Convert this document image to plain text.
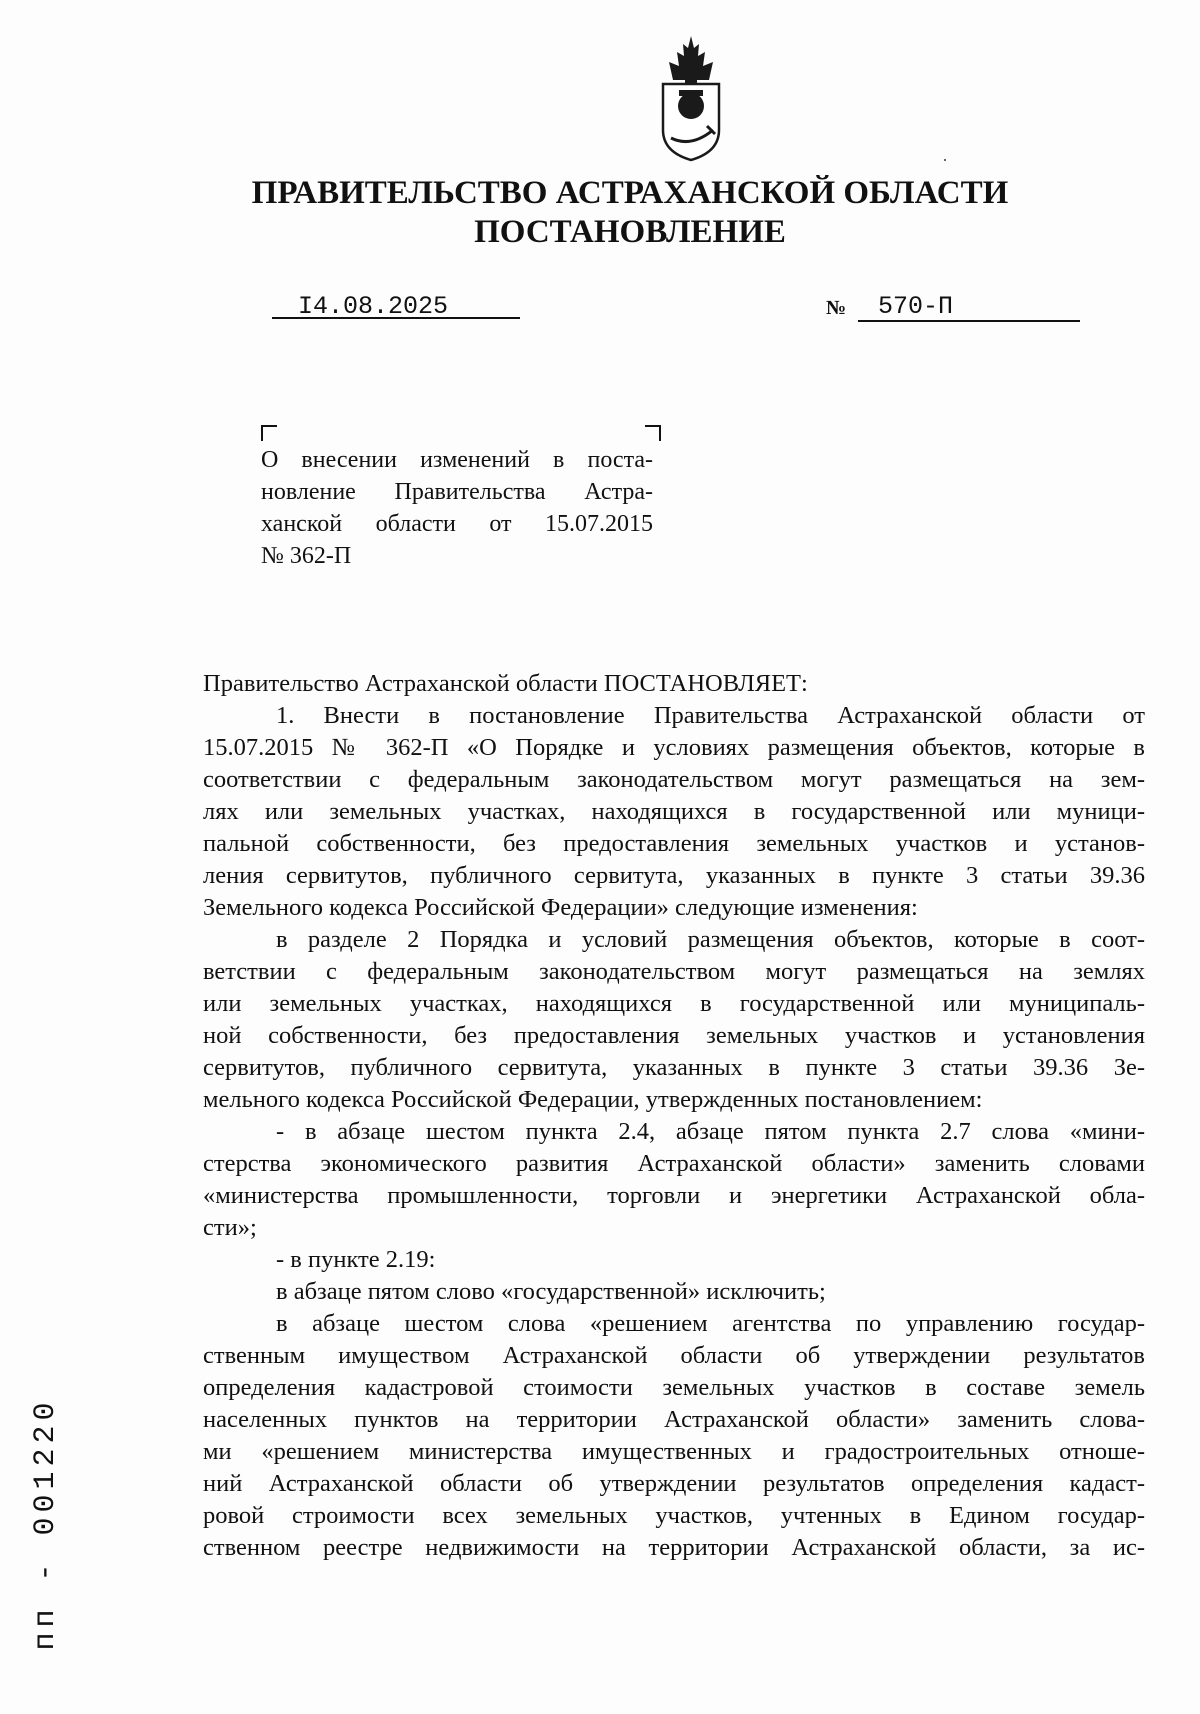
ПРАВИТЕЛЬСТВО АСТРАХАНСКОЙ ОБЛАСТИ
ПОСТАНОВЛЕНИЕ
I4.08.2025	№ 570-П
О внесении изменений в поста-
новление Правительства Астра-
ханской области от 15.07.2015
№ 362-П
Правительство Астраханской области ПОСТАНОВЛЯЕТ:
1. Внести в постановление Правительства Астраханской области от
15.07.2015 № 362-П «О Порядке и условиях размещения объектов, которые в
соответствии с федеральным законодательством могут размещаться на зем-
лях или земельных участках, находящихся в государственной или муници-
пальной собственности, без предоставления земельных участков и установ-
ления сервитутов, публичного сервитута, указанных в пункте 3 статьи 39.36
Земельного кодекса Российской Федерации» следующие изменения:
в разделе 2 Порядка и условий размещения объектов, которые в соот-
ветствии с федеральным законодательством могут размещаться на землях
или земельных участках, находящихся в государственной или муниципаль-
ной собственности, без предоставления земельных участков и установления
сервитутов, публичного сервитута, указанных в пункте 3 статьи 39.36 Зе-
мельного кодекса Российской Федерации, утвержденных постановлением:
- в абзаце шестом пункта 2.4, абзаце пятом пункта 2.7 слова «мини-
стерства экономического развития Астраханской области» заменить словами
«министерства промышленности, торговли и энергетики Астраханской обла-
сти»;
- в пункте 2.19:
в абзаце пятом слово «государственной» исключить;
в абзаце шестом слова «решением агентства по управлению государ-
ственным имуществом Астраханской области об утверждении результатов
определения кадастровой стоимости земельных участков в составе земель
населенных пунктов на территории Астраханской области» заменить слова-
ми «решением министерства имущественных и градостроительных отноше-
ний Астраханской области об утверждении результатов определения кадаст-
ровой строимости всех земельных участков, учтенных в Едином государ-
ственном реестре недвижимости на территории Астраханской области, за ис-
пп - 001220
